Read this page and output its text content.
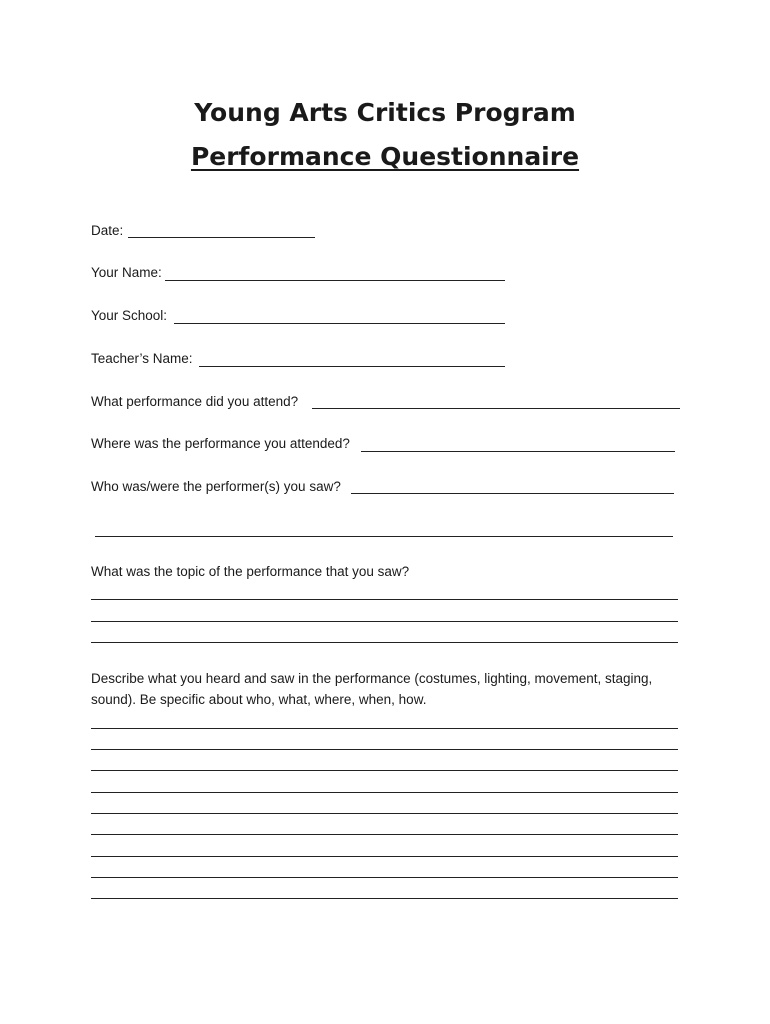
Young Arts Critics Program
Performance Questionnaire

Date:

Your Name:

Your School:

Teacher’s Name:

What performance did you attend?

Where was the performance you attended?

Who was/were the performer(s) you saw?

What was the topic of the performance that you saw?

Describe what you heard and saw in the performance (costumes, lighting, movement, staging, sound). Be specific about who, what, where, when, how.
